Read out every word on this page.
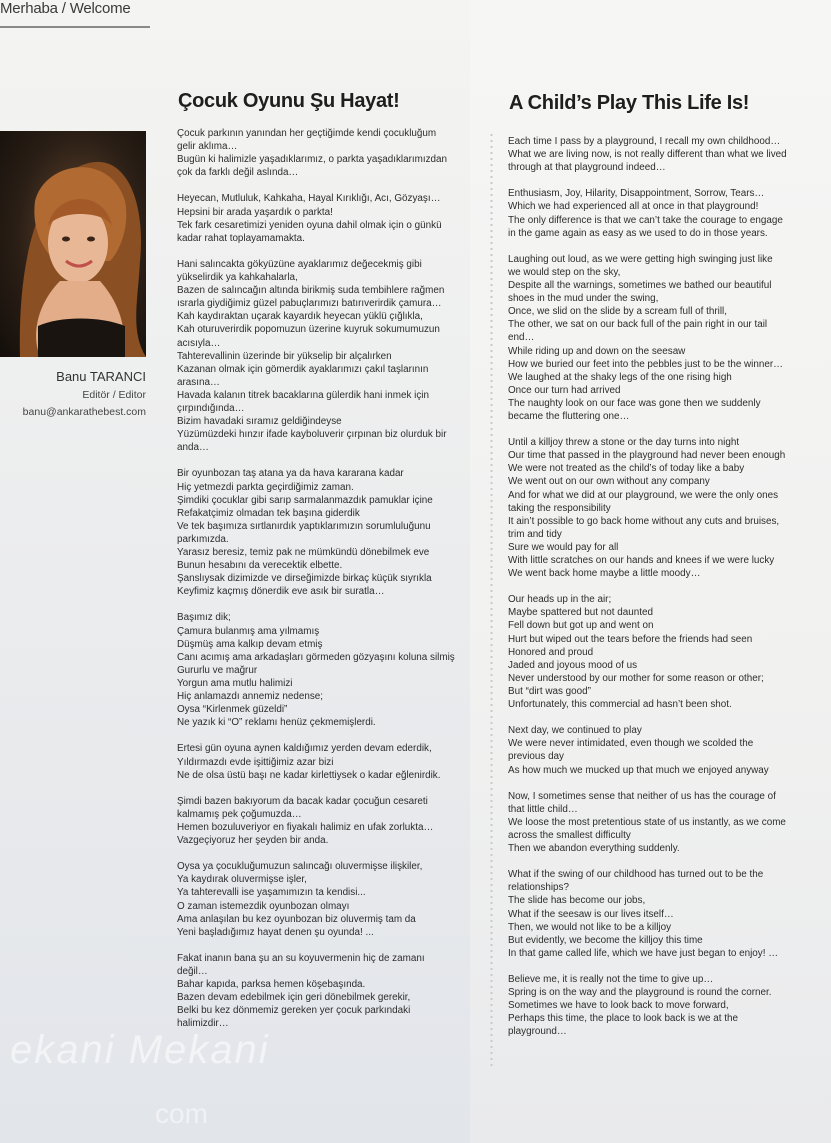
ekani Mekani
com
Merhaba / Welcome
Banu TARANCI
Editör / Editor
banu@ankarathebest.com
Çocuk Oyunu Şu Hayat!	A Child’s Play This Life Is!
Çocuk parkının yanından her geçtiğimde kendi çocukluğum
gelir aklıma…
Bugün ki halimizle yaşadıklarımız, o parkta yaşadıklarımızdan
çok da farklı değil aslında…
Heyecan, Mutluluk, Kahkaha, Hayal Kırıklığı, Acı, Gözyaşı…
Hepsini bir arada yaşardık o parkta!
Tek fark cesaretimizi yeniden oyuna dahil olmak için o günkü
kadar rahat toplayamamakta.
Hani salıncakta gökyüzüne ayaklarımız değecekmiş gibi
yükselirdik ya kahkahalarla,
Bazen de salıncağın altında birikmiş suda tembihlere rağmen
ısrarla giydiğimiz güzel pabuçlarımızı batırıverirdik çamura…
Kah kaydıraktan uçarak kayardık heyecan yüklü çığlıkla,
Kah oturuverirdik popomuzun üzerine kuyruk sokumumuzun
acısıyla…
Tahterevallinin üzerinde bir yükselip bir alçalırken
Kazanan olmak için gömerdik ayaklarımızı çakıl taşlarının
arasına…
Havada kalanın titrek bacaklarına gülerdik hani inmek için
çırpındığında…
Bizim havadaki sıramız geldiğindeyse
Yüzümüzdeki hınzır ifade kayboluverir çırpınan biz olurduk bir
anda…
Bir oyunbozan taş atana ya da hava kararana kadar
Hiç yetmezdi parkta geçirdiğimiz zaman.
Şimdiki çocuklar gibi sarıp sarmalanmazdık pamuklar içine
Refakatçimiz olmadan tek başına giderdik
Ve tek başımıza sırtlanırdık yaptıklarımızın sorumluluğunu
parkımızda.
Yarasız beresiz, temiz pak ne mümkündü dönebilmek eve
Bunun hesabını da verecektik elbette.
Şanslıysak dizimizde ve dirseğimizde birkaç küçük sıyrıkla
Keyfimiz kaçmış dönerdik eve asık bir suratla…
Başımız dik;
Çamura bulanmış ama yılmamış
Düşmüş ama kalkıp devam etmiş
Canı acımış ama arkadaşları görmeden gözyaşını koluna silmiş
Gururlu ve mağrur
Yorgun ama mutlu halimizi
Hiç anlamazdı annemiz nedense;
Oysa “Kirlenmek güzeldi”
Ne yazık ki “O” reklamı henüz çekmemişlerdi.
Ertesi gün oyuna aynen kaldığımız yerden devam ederdik,
Yıldırmazdı evde işittiğimiz azar bizi
Ne de olsa üstü başı ne kadar kirlettiysek o kadar eğlenirdik.
Şimdi bazen bakıyorum da bacak kadar çocuğun cesareti
kalmamış pek çoğumuzda…
Hemen bozuluveriyor en fiyakalı halimiz en ufak zorlukta…
Vazgeçiyoruz her şeyden bir anda.
Oysa ya çocukluğumuzun salıncağı oluvermişse ilişkiler,
Ya kaydırak oluvermişse işler,
Ya tahterevalli ise yaşamımızın ta kendisi...
O zaman istemezdik oyunbozan olmayı
Ama anlaşılan bu kez oyunbozan biz oluvermiş tam da
Yeni başladığımız hayat denen şu oyunda! ...
Fakat inanın bana şu an su koyuvermenin hiç de zamanı
değil…
Bahar kapıda, parksa hemen köşebaşında.
Bazen devam edebilmek için geri dönebilmek gerekir,
Belki bu kez dönmemiz gereken yer çocuk parkındaki
halimizdir…
Each time I pass by a playground, I recall my own childhood…
What we are living now, is not really different than what we lived
through at that playground indeed…
Enthusiasm, Joy, Hilarity, Disappointment, Sorrow, Tears…
Which we had experienced all at once in that playground!
The only difference is that we can’t take the courage to engage
in the game again as easy as we used to do in those years.
Laughing out loud, as we were getting high swinging just like
we would step on the sky,
Despite all the warnings, sometimes we bathed our beautiful
shoes in the mud under the swing,
Once, we slid on the slide by a scream full of thrill,
The other, we sat on our back full of the pain right in our tail
end…
While riding up and down on the seesaw
How we buried our feet into the pebbles just to be the winner…
We laughed at the shaky legs of the one rising high
Once our turn had arrived
The naughty look on our face was gone then we suddenly
became the fluttering one…
Until a killjoy threw a stone or the day turns into night
Our time that passed in the playground had never been enough
We were not treated as the child’s of today like a baby
We went out on our own without any company
And for what we did at our playground, we were the only ones
taking the responsibility
It ain’t possible to go back home without any cuts and bruises,
trim and tidy
Sure we would pay for all
With little scratches on our hands and knees if we were lucky
We went back home maybe a little moody…
Our heads up in the air;
Maybe spattered but not daunted
Fell down but got up and went on
Hurt but wiped out the tears before the friends had seen
Honored and proud
Jaded and joyous mood of us
Never understood by our mother for some reason or other;
But “dirt was good”
Unfortunately, this commercial ad hasn’t been shot.
Next day, we continued to play
We were never intimidated, even though we scolded the
previous day
As how much we mucked up that much we enjoyed anyway
Now, I sometimes sense that neither of us has the courage of
that little child…
We loose the most pretentious state of us instantly, as we come
across the smallest difficulty
Then we abandon everything suddenly.
What if the swing of our childhood has turned out to be the
relationships?
The slide has become our jobs,
What if the seesaw is our lives itself…
Then, we would not like to be a killjoy
But evidently, we become the killjoy this time
In that game called life, which we have just began to enjoy! …
Believe me, it is really not the time to give up…
Spring is on the way and the playground is round the corner.
Sometimes we have to look back to move forward,
Perhaps this time, the place to look back is we at the
playground…
